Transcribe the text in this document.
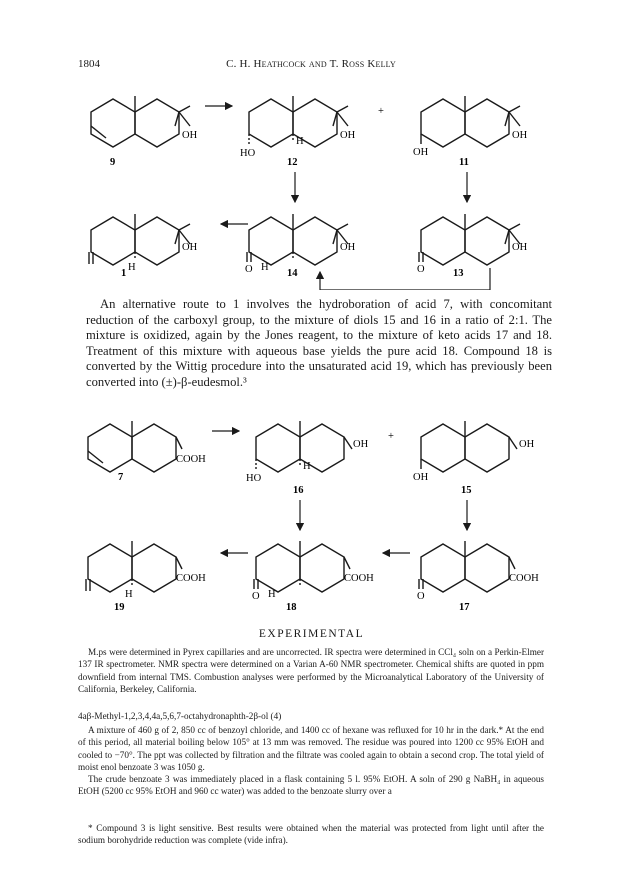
1804	C. H. Heathcock and T. Ross Kelly
OH
9
H
HO
OH
12
+
OH
OH
11
H
OH
1	O H
OH
14	O
OH
13

An alternative route to 1 involves the hydroboration of acid 7, with concomitant reduction of the carboxyl group, to the mixture of diols 15 and 16 in a ratio of 2:1. The mixture is oxidized, again by the Jones reagent, to the mixture of keto acids 17 and 18. Treatment of this mixture with aqueous base yields the pure acid 18. Compound 18 is converted by the Wittig procedure into the unsaturated acid 19, which has previously been converted into (±)-β-eudesmol.³

COOH
7
H
HO
OH
16
+
OH
OH
15
H
COOH
19
O H
COOH
18
O
COOH
17
EXPERIMENTAL

M.ps were determined in Pyrex capillaries and are uncorrected. IR spectra were determined in CCl₄ soln on a Perkin-Elmer 137 IR spectrometer. NMR spectra were determined on a Varian A-60 NMR spectrometer. Chemical shifts are quoted in ppm downfield from internal TMS. Combustion analyses were performed by the Microanalytical Laboratory of the University of California, Berkeley, California.

4aβ-Methyl-1,2,3,4,4a,5,6,7-octahydronaphth-2β-ol (4)

A mixture of 460 g of 2, 850 cc of benzoyl chloride, and 1400 cc of hexane was refluxed for 10 hr in the dark.* At the end of this period, all material boiling below 105° at 13 mm was removed. The residue was poured into 1200 cc 95% EtOH and cooled to −70°. The ppt was collected by filtration and the filtrate was cooled again to obtain a second crop. The total yield of moist enol benzoate 3 was 1050 g.

The crude benzoate 3 was immediately placed in a flask containing 5 l. 95% EtOH. A soln of 290 g NaBH₄ in aqueous EtOH (5200 cc 95% EtOH and 960 cc water) was added to the benzoate slurry over a

* Compound 3 is light sensitive. Best results were obtained when the material was protected from light until after the sodium borohydride reduction was complete (vide infra).
